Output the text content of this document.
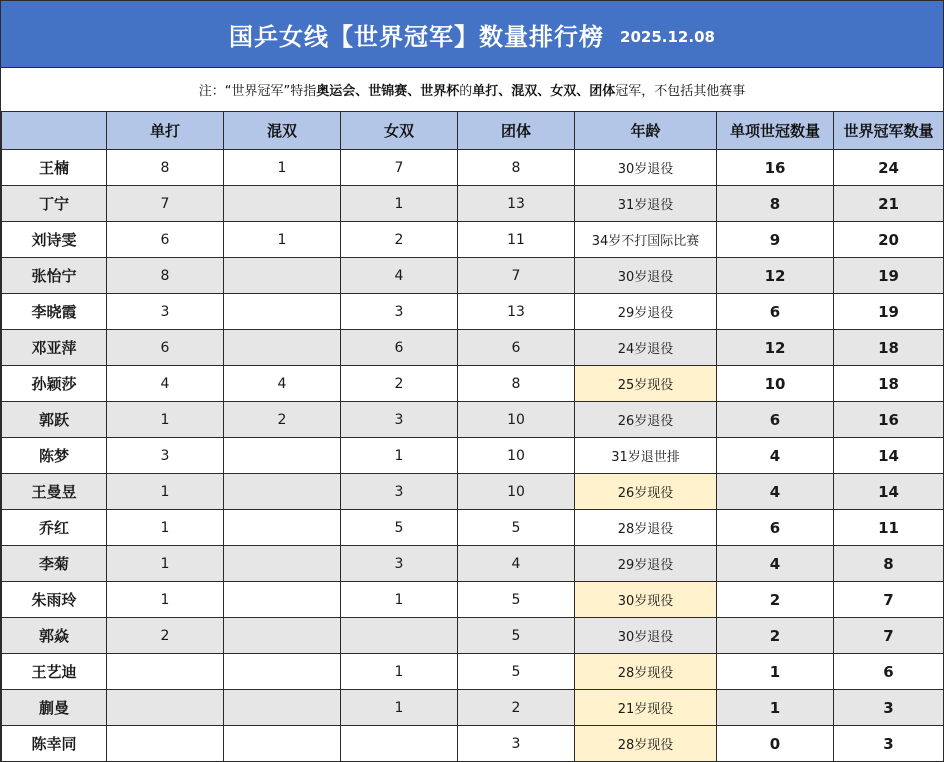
国乒女线【世界冠军】数量排行榜 2025.12.08
注：“世界冠军”特指 奥运会、世锦赛、世界杯 的 单打、混双、女双、团体 冠军，不包括其他赛事
	单打	混双	女双	团体	年龄	单项世冠数量	世界冠军数量
王楠	8	1	7	8	30岁退役	16	24
丁宁	7		1	13	31岁退役	8	21
刘诗雯	6	1	2	11	34岁不打国际比赛	9	20
张怡宁	8		4	7	30岁退役	12	19
李晓霞	3		3	13	29岁退役	6	19
邓亚萍	6		6	6	24岁退役	12	18
孙颖莎	4	4	2	8	25岁现役	10	18
郭跃	1	2	3	10	26岁退役	6	16
陈梦	3		1	10	31岁退世排	4	14
王曼昱	1		3	10	26岁现役	4	14
乔红	1		5	5	28岁退役	6	11
李菊	1		3	4	29岁退役	4	8
朱雨玲	1		1	5	30岁现役	2	7
郭焱	2			5	30岁退役	2	7
王艺迪			1	5	28岁现役	1	6
蒯曼			1	2	21岁现役	1	3
陈幸同				3	28岁现役	0	3
